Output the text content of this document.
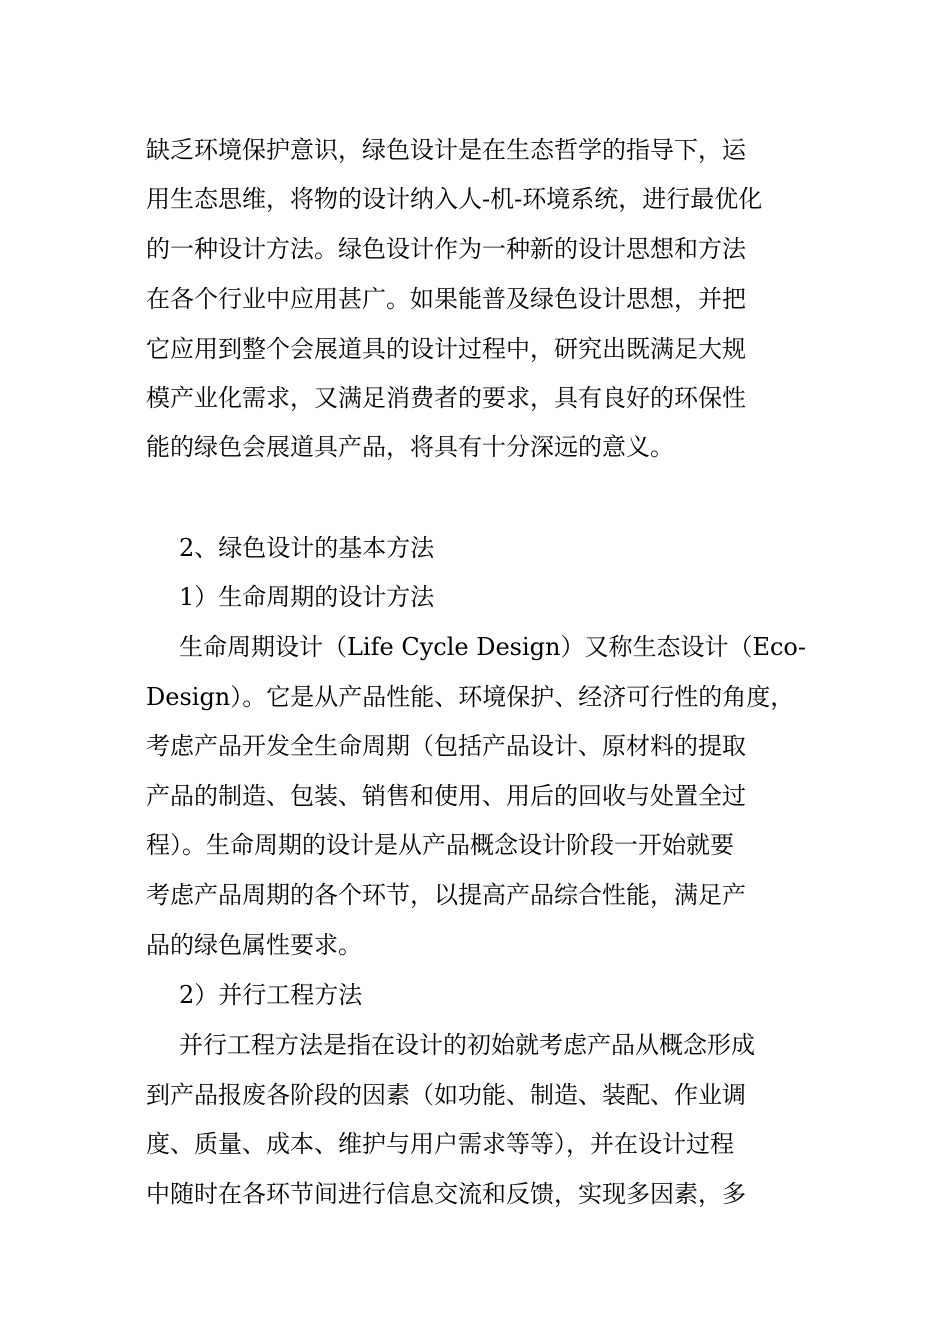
缺乏环境保护意识，绿色设计是在生态哲学的指导下，运

用生态思维，将物的设计纳入人-机-环境系统，进行最优化

的一种设计方法。绿色设计作为一种新的设计思想和方法

在各个行业中应用甚广。如果能普及绿色设计思想，并把

它应用到整个会展道具的设计过程中，研究出既满足大规

模产业化需求，又满足消费者的要求，具有良好的环保性

能的绿色会展道具产品，将具有十分深远的意义。

2、绿色设计的基本方法

1）生命周期的设计方法

生命周期设计（Life Cycle Design）又称生态设计（Eco-

Design）。它是从产品性能、环境保护、经济可行性的角度，

考虑产品开发全生命周期（包括产品设计、原材料的提取

产品的制造、包装、销售和使用、用后的回收与处置全过

程）。生命周期的设计是从产品概念设计阶段一开始就要

考虑产品周期的各个环节，以提高产品综合性能，满足产

品的绿色属性要求。

2）并行工程方法

并行工程方法是指在设计的初始就考虑产品从概念形成

到产品报废各阶段的因素（如功能、制造、装配、作业调

度、质量、成本、维护与用户需求等等），并在设计过程

中随时在各环节间进行信息交流和反馈，实现多因素，多
